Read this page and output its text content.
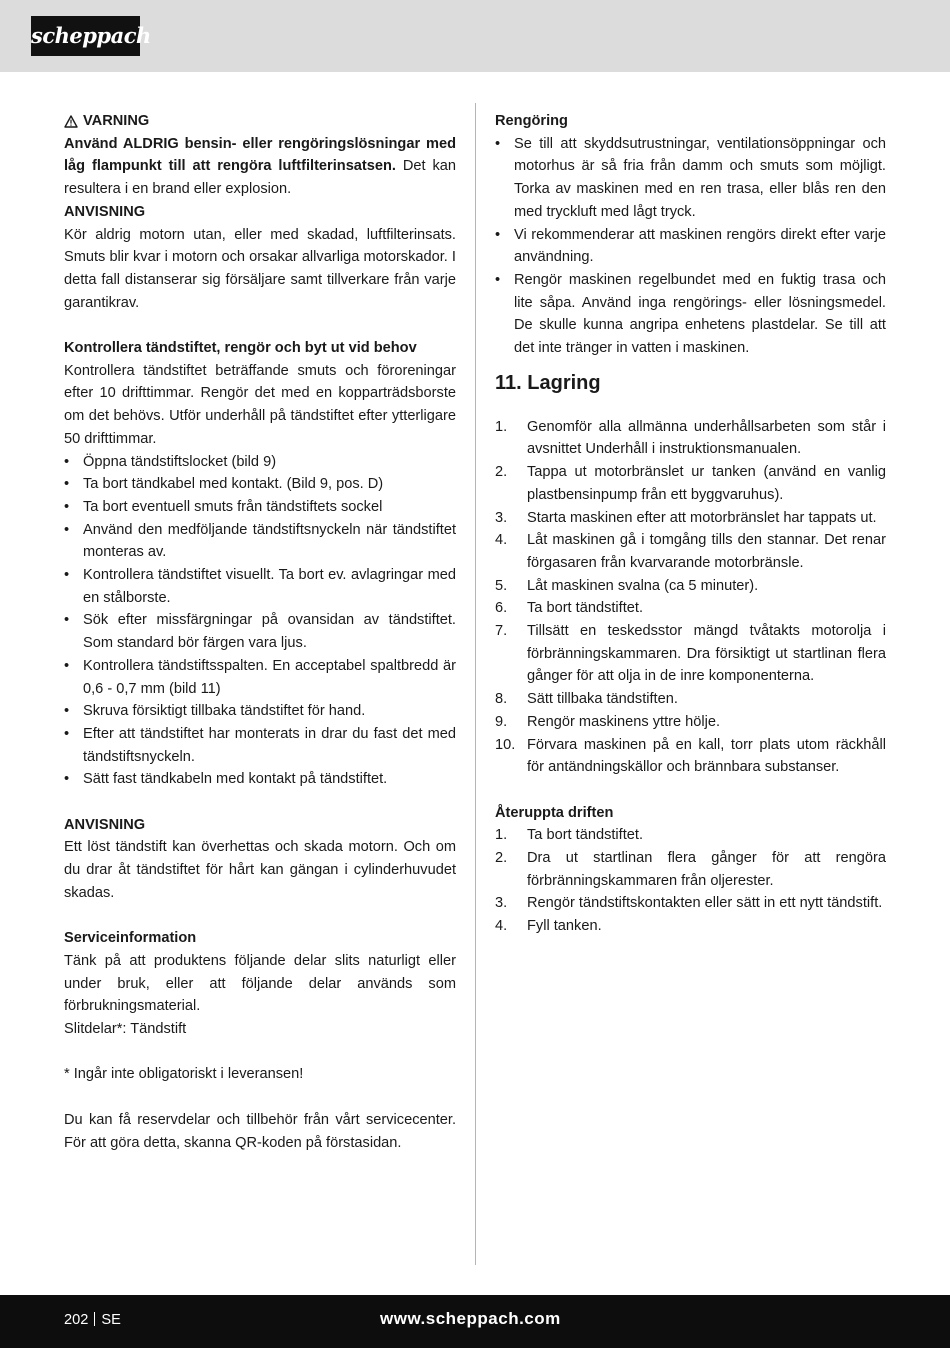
scheppach
VARNING

Använd ALDRIG bensin- eller rengöringslösningar med låg flampunkt till att rengöra luftfilterinsatsen. Det kan resultera i en brand eller explosion.

ANVISNING

Kör aldrig motorn utan, eller med skadad, luftfilterinsats. Smuts blir kvar i motorn och orsakar allvarliga motorskador. I detta fall distanserar sig försäljare samt tillverkare från varje garantikrav.

Kontrollera tändstiftet, rengör och byt ut vid behov

Kontrollera tändstiftet beträffande smuts och föroreningar efter 10 drifttimmar. Rengör det med en kopparträdsborste om det behövs. Utför underhåll på tändstiftet efter ytterligare 50 drifttimmar.

• Öppna tändstiftslocket (bild 9)
• Ta bort tändkabel med kontakt. (Bild 9, pos. D)
• Ta bort eventuell smuts från tändstiftets sockel
• Använd den medföljande tändstiftsnyckeln när tändstiftet monteras av.
• Kontrollera tändstiftet visuellt. Ta bort ev. avlagringar med en stålborste.
• Sök efter missfärgningar på ovansidan av tändstiftet. Som standard bör färgen vara ljus.
• Kontrollera tändstiftsspalten. En acceptabel spaltbredd är 0,6 - 0,7 mm (bild 11)
• Skruva försiktigt tillbaka tändstiftet för hand.
• Efter att tändstiftet har monterats in drar du fast det med tändstiftsnyckeln.
• Sätt fast tändkabeln med kontakt på tändstiftet.

ANVISNING

Ett löst tändstift kan överhettas och skada motorn. Och om du drar åt tändstiftet för hårt kan gängan i cylinderhuvudet skadas.

Serviceinformation

Tänk på att produktens följande delar slits naturligt eller under bruk, eller att följande delar används som förbrukningsmaterial.

Slitdelar*: Tändstift

* Ingår inte obligatoriskt i leveransen!

Du kan få reservdelar och tillbehör från vårt servicecenter. För att göra detta, skanna QR-koden på förstasidan.

Rengöring

• Se till att skyddsutrustningar, ventilationsöppningar och motorhus är så fria från damm och smuts som möjligt. Torka av maskinen med en ren trasa, eller blås ren den med tryckluft med lågt tryck.
• Vi rekommenderar att maskinen rengörs direkt efter varje användning.
• Rengör maskinen regelbundet med en fuktig trasa och lite såpa. Använd inga rengörings- eller lösningsmedel. De skulle kunna angripa enhetens plastdelar. Se till att det inte tränger in vatten i maskinen.
11. Lagring
1. Genomför alla allmänna underhållsarbeten som står i avsnittet Underhåll i instruktionsmanualen.
2. Tappa ut motorbränslet ur tanken (använd en vanlig plastbensinpump från ett byggvaruhus).
3. Starta maskinen efter att motorbränslet har tappats ut.
4. Låt maskinen gå i tomgång tills den stannar. Det renar förgasaren från kvarvarande motorbränsle.
5. Låt maskinen svalna (ca 5 minuter).
6. Ta bort tändstiftet.
7. Tillsätt en teskedsstor mängd tvåtakts motorolja i förbränningskammaren. Dra försiktigt ut startlinan flera gånger för att olja in de inre komponenterna.
8. Sätt tillbaka tändstiften.
9. Rengör maskinens yttre hölje.
10. Förvara maskinen på en kall, torr plats utom räckhåll för antändningskällor och brännbara substanser.

Återuppta driften

1. Ta bort tändstiftet.
2. Dra ut startlinan flera gånger för att rengöra förbränningskammaren från oljerester.
3. Rengör tändstiftskontakten eller sätt in ett nytt tändstift.
4. Fyll tanken.
202 SE	www.scheppach.com
